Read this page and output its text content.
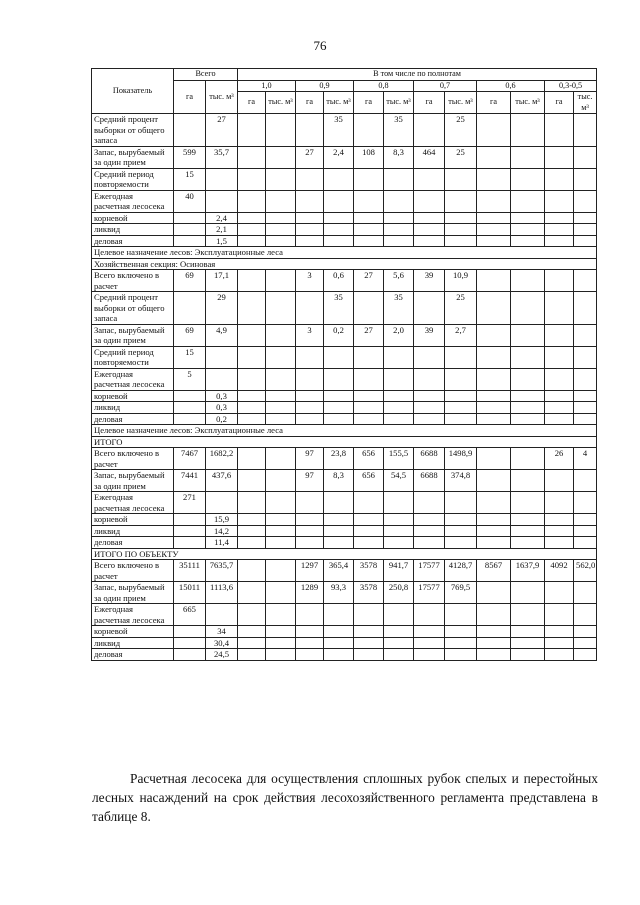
76
Показатель	Всего		В том числе по полнотам											
	га	тыс. м³	1,0		0,9		0,8		0,7		0,6		0,3-0,5	
			га	тыс. м³	га	тыс. м³	га	тыс. м³	га	тыс. м³	га	тыс. м³	га	тыс. м³
Средний процент выборки от общего запаса		27				35		35		25				
Запас, вырубаемый за один прием	599	35,7			27	2,4	108	8,3	464	25				
Средний период повторяемости	15													
Ежегодная расчетная лесосека	40													
корневой		2,4												
ликвид		2,1												
деловая		1,5												
Целевое назначение лесов: Эксплуатационные леса														
Хозяйственная секция: Осиновая														
Всего включено в расчет	69	17,1			3	0,6	27	5,6	39	10,9				
Средний процент выборки от общего запаса		29				35		35		25				
Запас, вырубаемый за один прием	69	4,9			3	0,2	27	2,0	39	2,7				
Средний период повторяемости	15													
Ежегодная расчетная лесосека	5													
корневой		0,3												
ликвид		0,3												
деловая		0,2												
Целевое назначение лесов: Эксплуатационные леса														
ИТОГО														
Всего включено в расчет	7467	1682,2			97	23,8	656	155,5	6688	1498,9			26	4
Запас, вырубаемый за один прием	7441	437,6			97	8,3	656	54,5	6688	374,8				
Ежегодная расчетная лесосека	271													
корневой		15,9												
ликвид		14,2												
деловая		11,4												
ИТОГО ПО ОБЪЕКТУ														
Всего включено в расчет	35111	7635,7			1297	365,4	3578	941,7	17577	4128,7	8567	1637,9	4092	562,0
Запас, вырубаемый за один прием	15011	1113,6			1289	93,3	3578	250,8	17577	769,5				
Ежегодная расчетная лесосека	665													
корневой		34												
ликвид		30,4												
деловая		24,5												
Расчетная лесосека для осуществления сплошных рубок спелых и перестойных лесных насаждений на срок действия лесохозяйственного регламента представлена в таблице 8.
